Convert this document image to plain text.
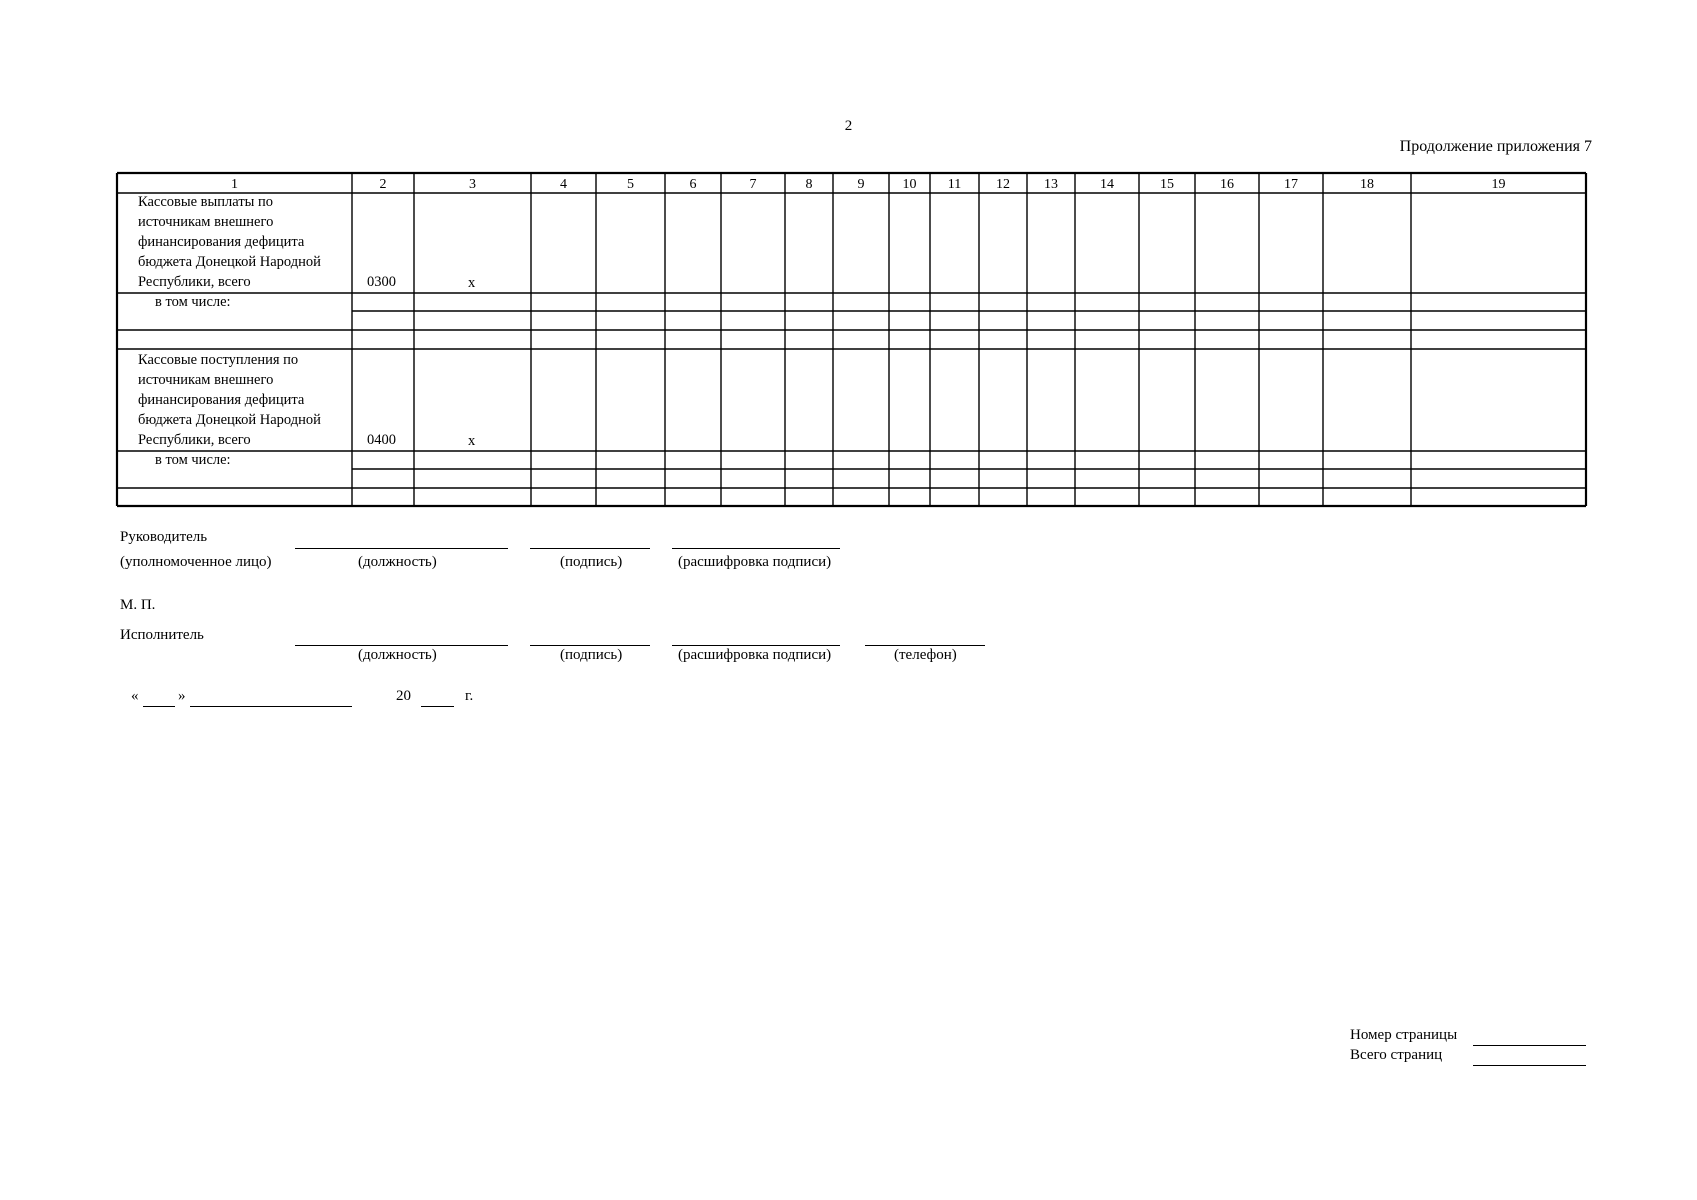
2
Продолжение приложения 7
1	2	3	4	5	6	7	8	9	10 11 12 13	14	15	16	17	18	19
Кассовые выплаты по
источникам внешнего
финансирования дефицита
бюджета Донецкой Народной
Республики, всего	0300	x
в том числе:
Кассовые поступления по
источникам внешнего
финансирования дефицита
бюджета Донецкой Народной
Республики, всего	0400	x
в том числе:
Руководитель
(уполномоченное лицо)	(должность)	(подпись)	(расшифровка подписи)
М. П.
Исполнитель
(должность)	(подпись)	(расшифровка подписи)	(телефон)
«	»	20	г.
Номер страницы
Всего страниц
